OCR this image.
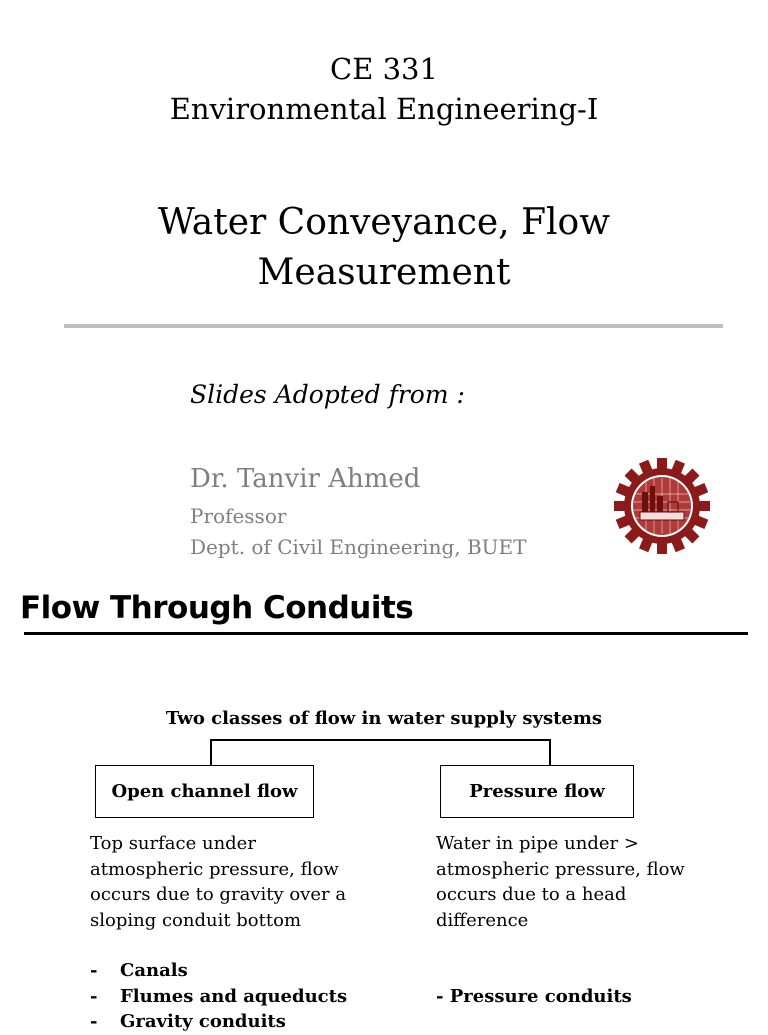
CE 331
Environmental Engineering-I
Water Conveyance, Flow Measurement
Slides Adopted from :
Dr. Tanvir Ahmed
Professor
Dept. of Civil Engineering, BUET
Flow Through Conduits
Two classes of flow in water supply systems
Open channel flow	Pressure flow
Top surface under atmospheric pressure, flow occurs due to gravity over a sloping conduit bottom
Water in pipe under > atmospheric pressure, flow occurs due to a head difference
- Canals
- Flumes and aqueducts
- Gravity conduits
- Pressure conduits
